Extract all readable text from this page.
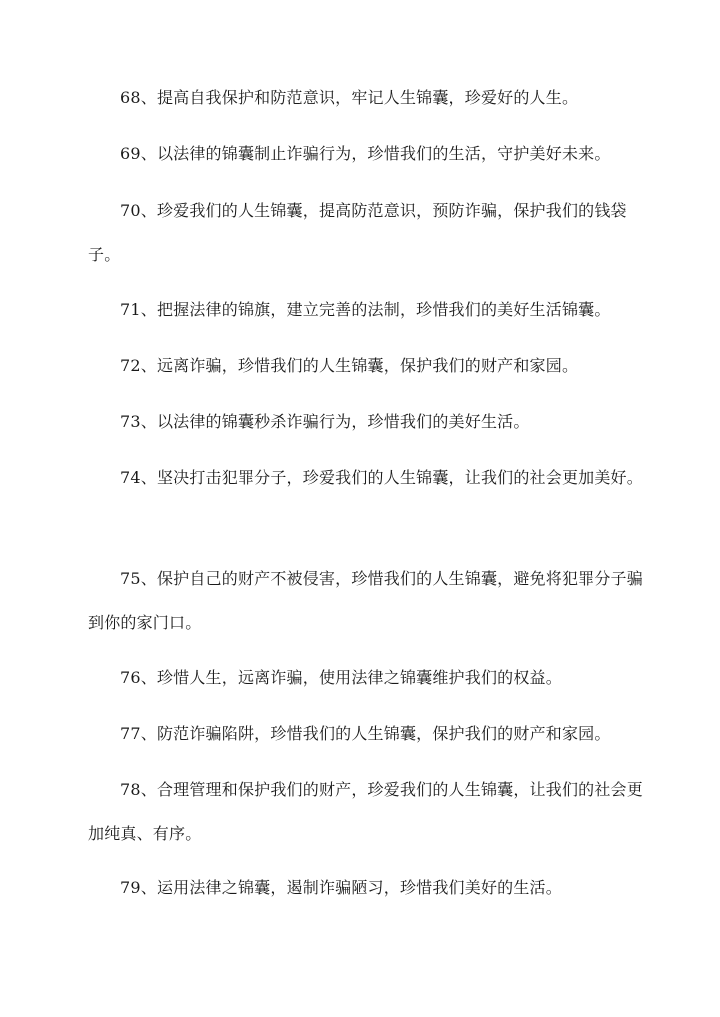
68、提高自我保护和防范意识，牢记人生锦囊，珍爱好的人生。

69、以法律的锦囊制止诈骗行为，珍惜我们的生活，守护美好未来。

70、珍爱我们的人生锦囊，提高防范意识，预防诈骗，保护我们的钱袋子。

71、把握法律的锦旗，建立完善的法制，珍惜我们的美好生活锦囊。

72、远离诈骗，珍惜我们的人生锦囊，保护我们的财产和家园。

73、以法律的锦囊秒杀诈骗行为，珍惜我们的美好生活。

74、坚决打击犯罪分子，珍爱我们的人生锦囊，让我们的社会更加美好。

75、保护自己的财产不被侵害，珍惜我们的人生锦囊，避免将犯罪分子骗到你的家门口。

76、珍惜人生，远离诈骗，使用法律之锦囊维护我们的权益。

77、防范诈骗陷阱，珍惜我们的人生锦囊，保护我们的财产和家园。

78、合理管理和保护我们的财产，珍爱我们的人生锦囊，让我们的社会更加纯真、有序。

79、运用法律之锦囊，遏制诈骗陋习，珍惜我们美好的生活。
